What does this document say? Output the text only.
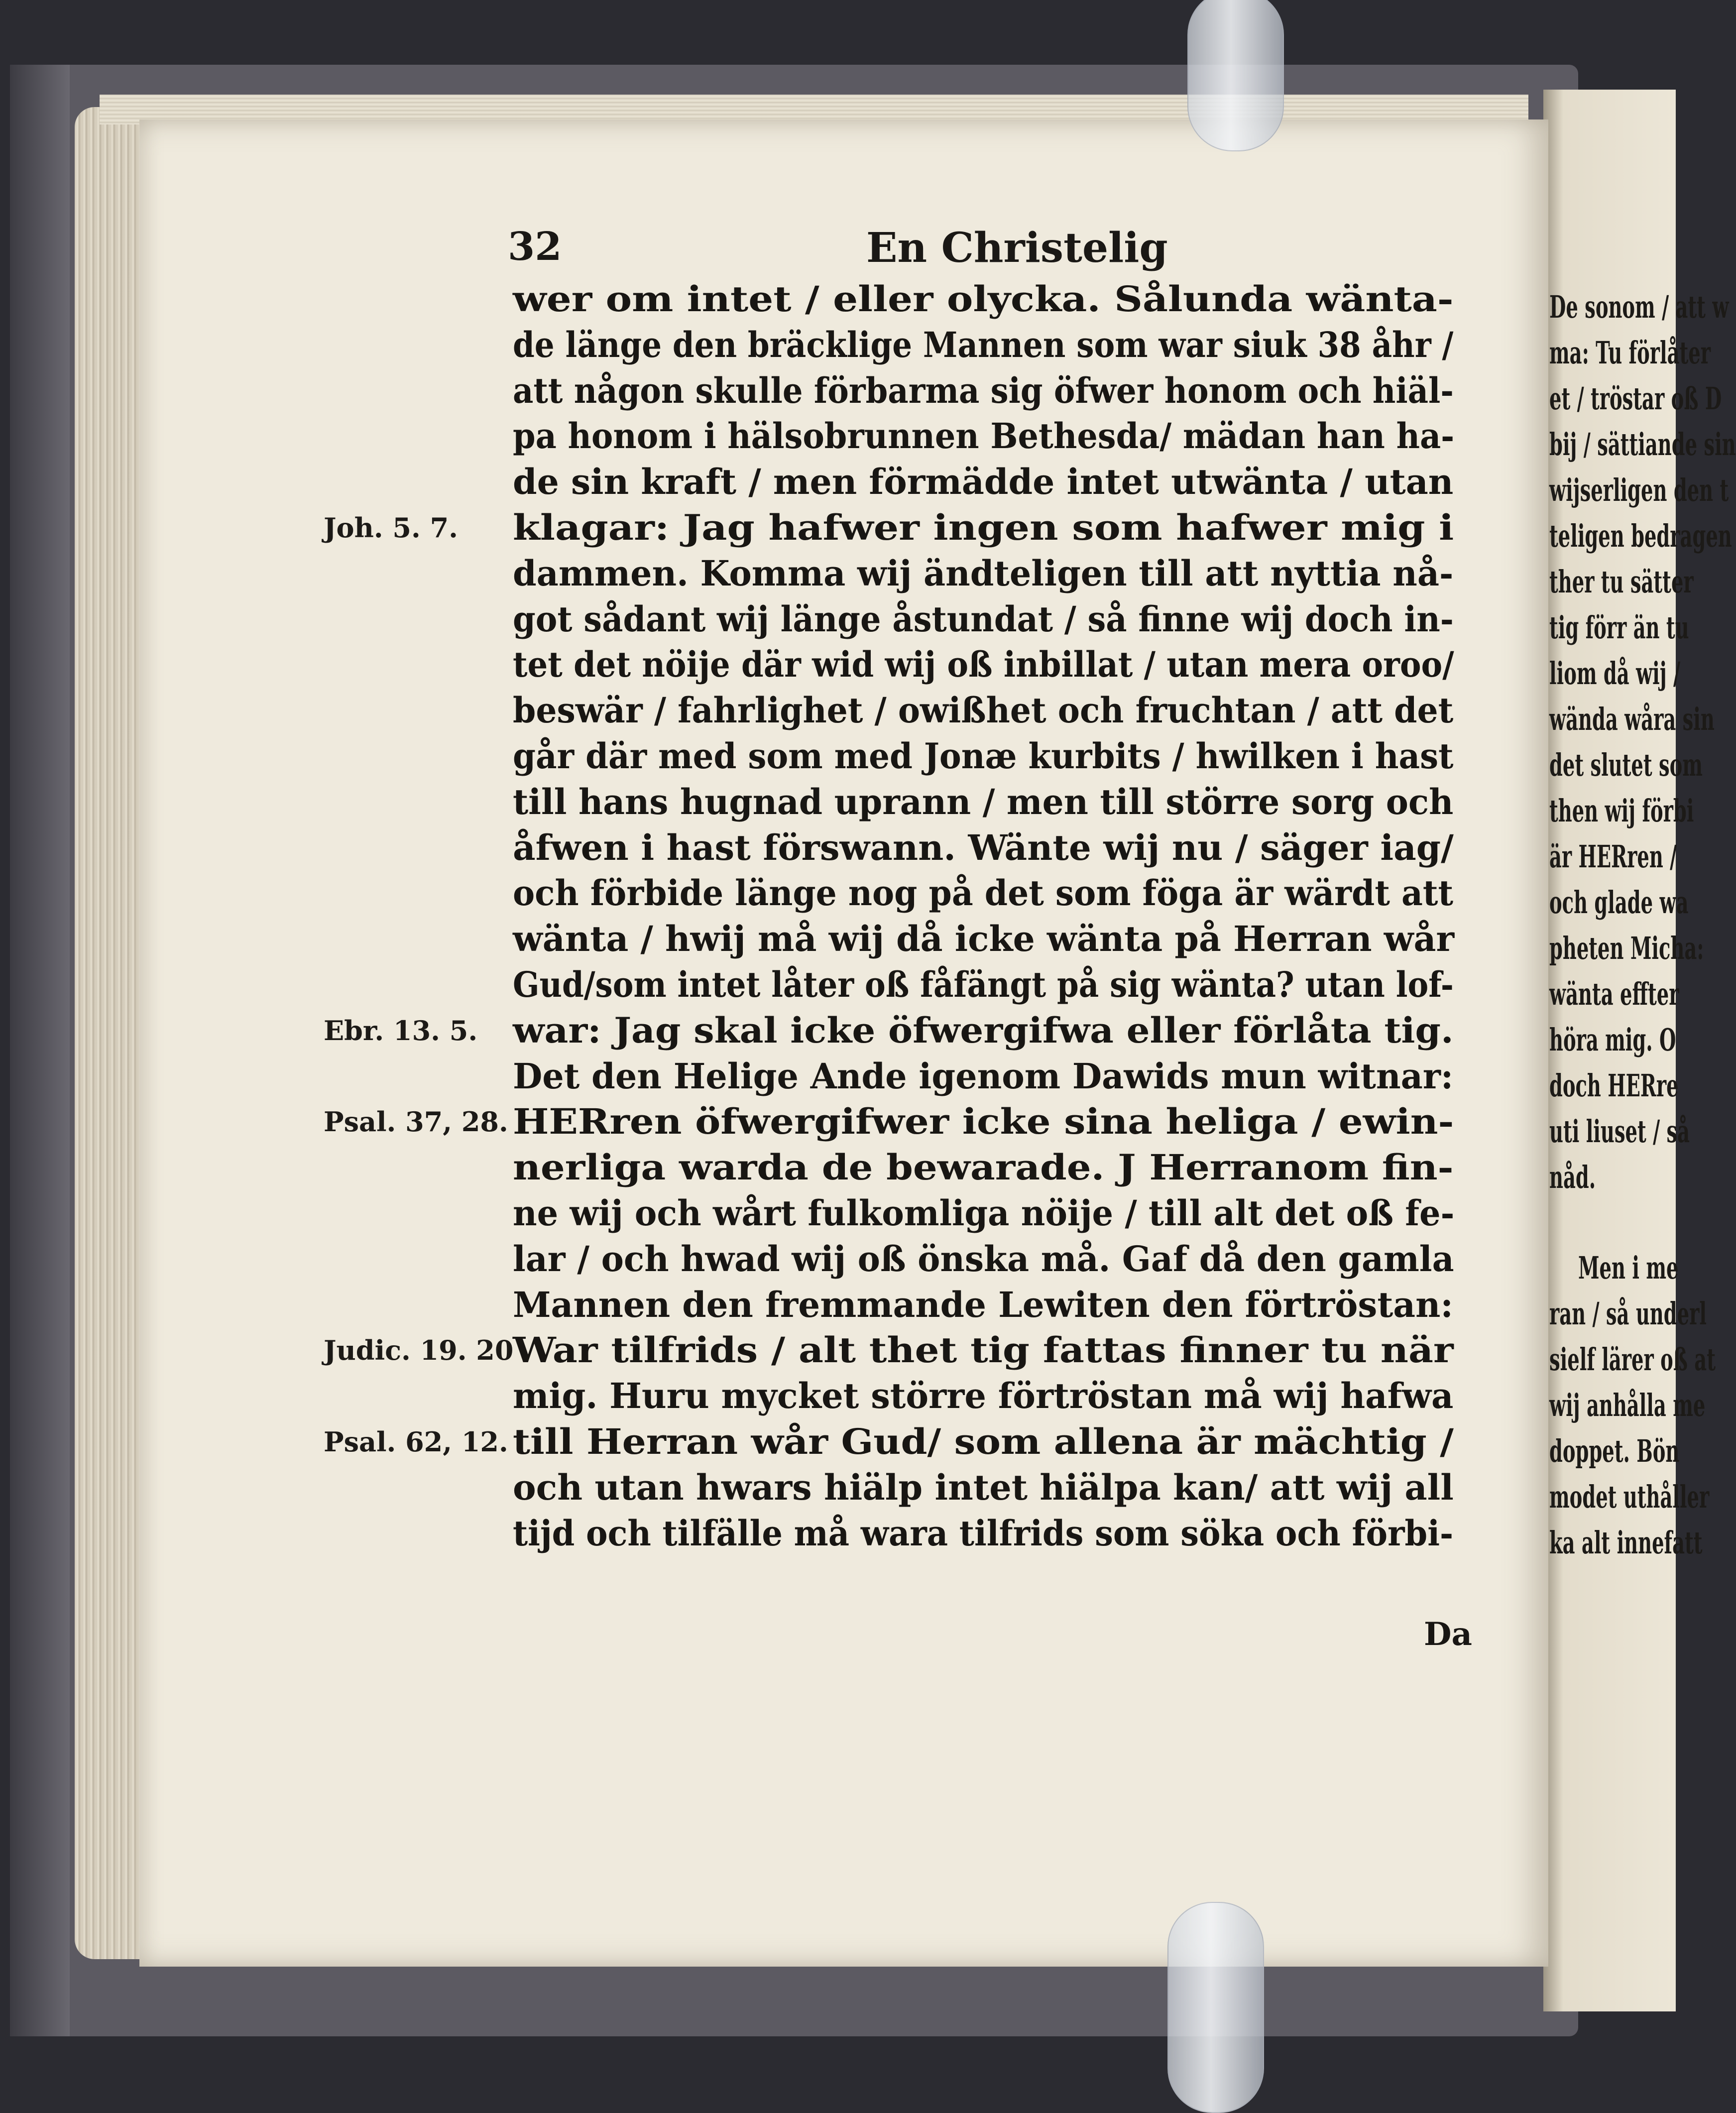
De sonom / att w
ma: Tu förlåter
et / tröstar oß D
bij / sättiande sin
wijserligen den t
teligen bedragen
ther tu sätter
tig förr än tu
liom då wij /
wända wåra sin
det slutet som
then wij förbi
är HERren /
och glade wa
pheten Micha:
wänta effter
höra mig. O
doch HERre
uti liuset / så
nåd.
Men i me
ran / så underl
sielf lärer oß at
wij anhålla me
doppet. Bön
modet uthåller
ka alt innefatt
32	En Christelig
wer om intet / eller olycka. Sålunda wänta-
de länge den bräcklige Mannen som war siuk 38 åhr /
att någon skulle förbarma sig öfwer honom och hiäl-
pa honom i hälsobrunnen Bethesda/ mädan han ha-
de sin kraft / men förmädde intet utwänta / utan
klagar: Jag hafwer ingen som hafwer mig i
dammen. Komma wij ändteligen till att nyttia nå-
got sådant wij länge åstundat / så finne wij doch in-
tet det nöije där wid wij oß inbillat / utan mera oroo/
beswär / fahrlighet / owißhet och fruchtan / att det
går där med som med Jonæ kurbits / hwilken i hast
till hans hugnad uprann / men till större sorg och
åfwen i hast förswann. Wänte wij nu / säger iag/
och förbide länge nog på det som föga är wärdt att
wänta / hwij må wij då icke wänta på Herran wår
Gud/som intet låter oß fåfängt på sig wänta? utan lof-
war: Jag skal icke öfwergifwa eller förlåta tig.
Det den Helige Ande igenom Dawids mun witnar:
HERren öfwergifwer icke sina heliga / ewin-
nerliga warda de bewarade. J Herranom fin-
ne wij och wårt fulkomliga nöije / till alt det oß fe-
lar / och hwad wij oß önska må. Gaf då den gamla
Mannen den fremmande Lewiten den förtröstan:
War tilfrids / alt thet tig fattas finner tu när
mig. Huru mycket större förtröstan må wij hafwa
till Herran wår Gud/ som allena är mächtig /
och utan hwars hiälp intet hiälpa kan/ att wij all
tijd och tilfälle må wara tilfrids som söka och förbi-
Joh. 5. 7.
Ebr. 13. 5.
Psal. 37, 28.
Judic. 19. 20
Psal. 62, 12.
Da
